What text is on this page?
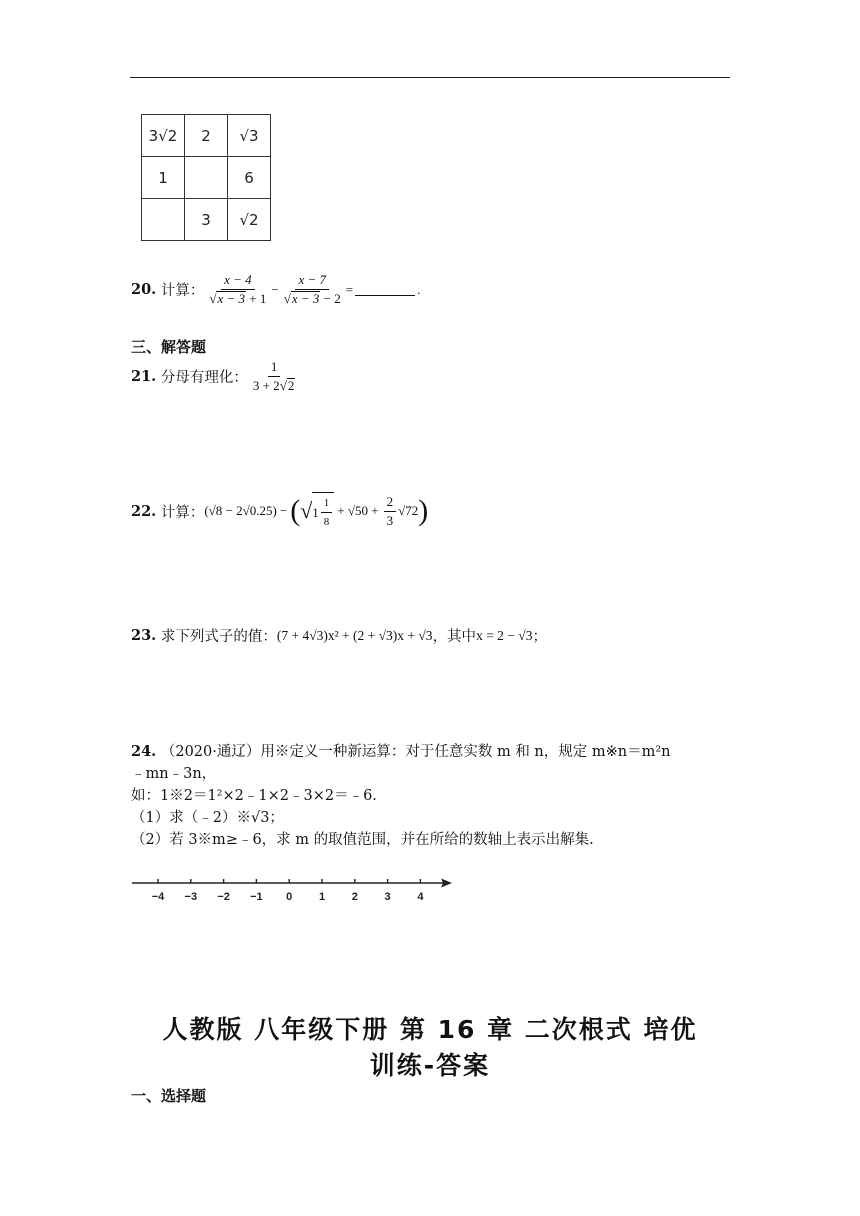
3√2	2	√3
1		6
	3	√2
20.
计算： x − 4
√ x − 3 + 1 − x − 7
√ x − 3 − 2 =	.
三、解答题
21.
分母有理化： $\frac{1}{3 + 2 √ 2}$
22.
计算： (√8 − 2√0.25) − ( √ $1 \frac{1}{8} + √50 + \frac{2}{3} √72$ )
23.
求下列式子的值： (7 + 4√3)x² + (2 + √3)x + √3 ，其中 x = 2 − √3 ；
24. （2020·通辽）用※定义一种新运算：对于任意实数 m 和 n，规定 m※n＝m²n
﹣mn﹣3n，
如：1※2＝1²×2﹣1×2﹣3×2＝﹣6.
（1）求（﹣2）※√3；
（2）若 3※m≥﹣6，求 m 的取值范围，并在所给的数轴上表示出解集.
−4 −3 −2 −1 0 1 2 3 4
人教版 八年级下册 第 16 章 二次根式 培优
训练-答案
一、选择题
